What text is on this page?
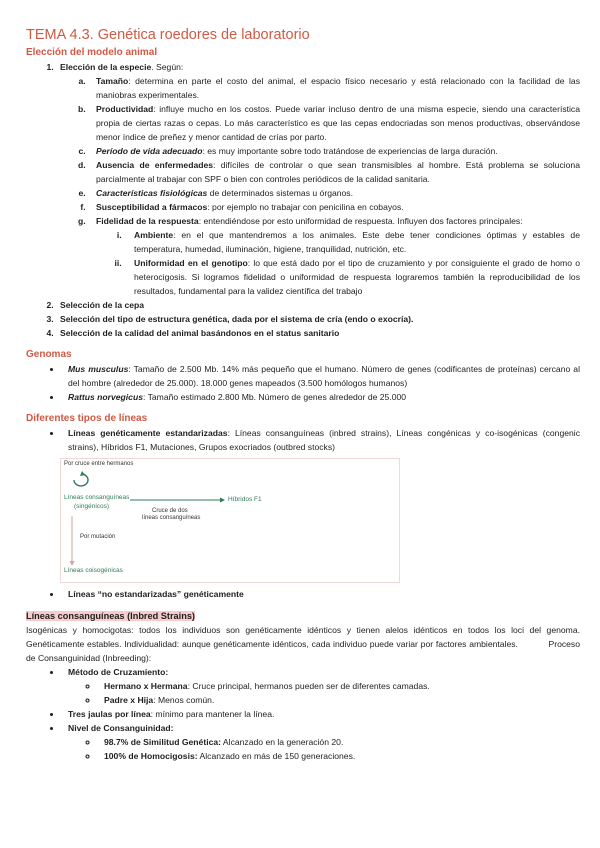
TEMA 4.3. Genética roedores de laboratorio
Elección del modelo animal
1. Elección de la especie. Según:
a. Tamaño: determina en parte el costo del animal, el espacio físico necesario y está relacionado con la facilidad de las maniobras experimentales.
b. Productividad: influye mucho en los costos. Puede variar incluso dentro de una misma especie, siendo una característica propia de ciertas razas o cepas. Lo más característico es que las cepas endocriadas son menos productivas, observándose menor índice de preñez y menor cantidad de crías por parto.
c. Período de vida adecuado: es muy importante sobre todo tratándose de experiencias de larga duración.
d. Ausencia de enfermedades: difíciles de controlar o que sean transmisibles al hombre. Está problema se soluciona parcialmente al trabajar con SPF o bien con controles periódicos de la calidad sanitaria.
e. Características fisiológicas de determinados sistemas u órganos.
f. Susceptibilidad a fármacos: por ejemplo no trabajar con penicilina en cobayos.
g. Fidelidad de la respuesta: entendiéndose por esto uniformidad de respuesta. Influyen dos factores principales:
i. Ambiente: en el que mantendremos a los animales. Este debe tener condiciones óptimas y estables de temperatura, humedad, iluminación, higiene, tranquilidad, nutrición, etc.
ii. Uniformidad en el genotipo: lo que está dado por el tipo de cruzamiento y por consiguiente el grado de homo o heterocigosis. Si logramos fidelidad o uniformidad de respuesta lograremos también la reproducibilidad de los resultados, fundamental para la validez científica del trabajo
2. Selección de la cepa
3. Selección del tipo de estructura genética, dada por el sistema de cría (endo o exocría).
4. Selección de la calidad del animal basándonos en el status sanitario
Genomas
• Mus musculus: Tamaño de 2.500 Mb. 14% más pequeño que el humano. Número de genes (codificantes de proteínas) cercano al del hombre (alrededor de 25.000). 18.000 genes mapeados (3.500 homólogos humanos)
• Rattus norvegicus: Tamaño estimado 2.800 Mb. Número de genes alrededor de 25.000
Diferentes tipos de líneas
• Líneas genéticamente estandarizadas: Líneas consanguíneas (inbred strains), Líneas congénicas y co-isogénicas (congenic strains), Híbridos F1, Mutaciones, Grupos exocriados (outbred stocks)
Por cruce entre hermanos
Líneas consanguíneas
(singénicos)
Híbridos F1
Cruce de dos
líneas consanguíneas
Por mutación
Líneas coisogénicas
• Líneas “no estandarizadas” genéticamente
Líneas consanguíneas (Inbred Strains)
Isogénicas y homocigotas: todos los individuos son genéticamente idénticos y tienen alelos idénticos en todos los loci del genoma. Genéticamente estables. Individualidad: aunque genéticamente idénticos, cada individuo puede variar por factores ambientales.	Proceso de Consanguinidad (Inbreeding):
• Método de Cruzamiento:
◦ Hermano x Hermana: Cruce principal, hermanos pueden ser de diferentes camadas.
◦ Padre x Hija: Menos común.
• Tres jaulas por línea: mínimo para mantener la línea.
• Nivel de Consanguinidad:
◦ 98.7% de Similitud Genética: Alcanzado en la generación 20.
◦ 100% de Homocigosis: Alcanzado en más de 150 generaciones.
